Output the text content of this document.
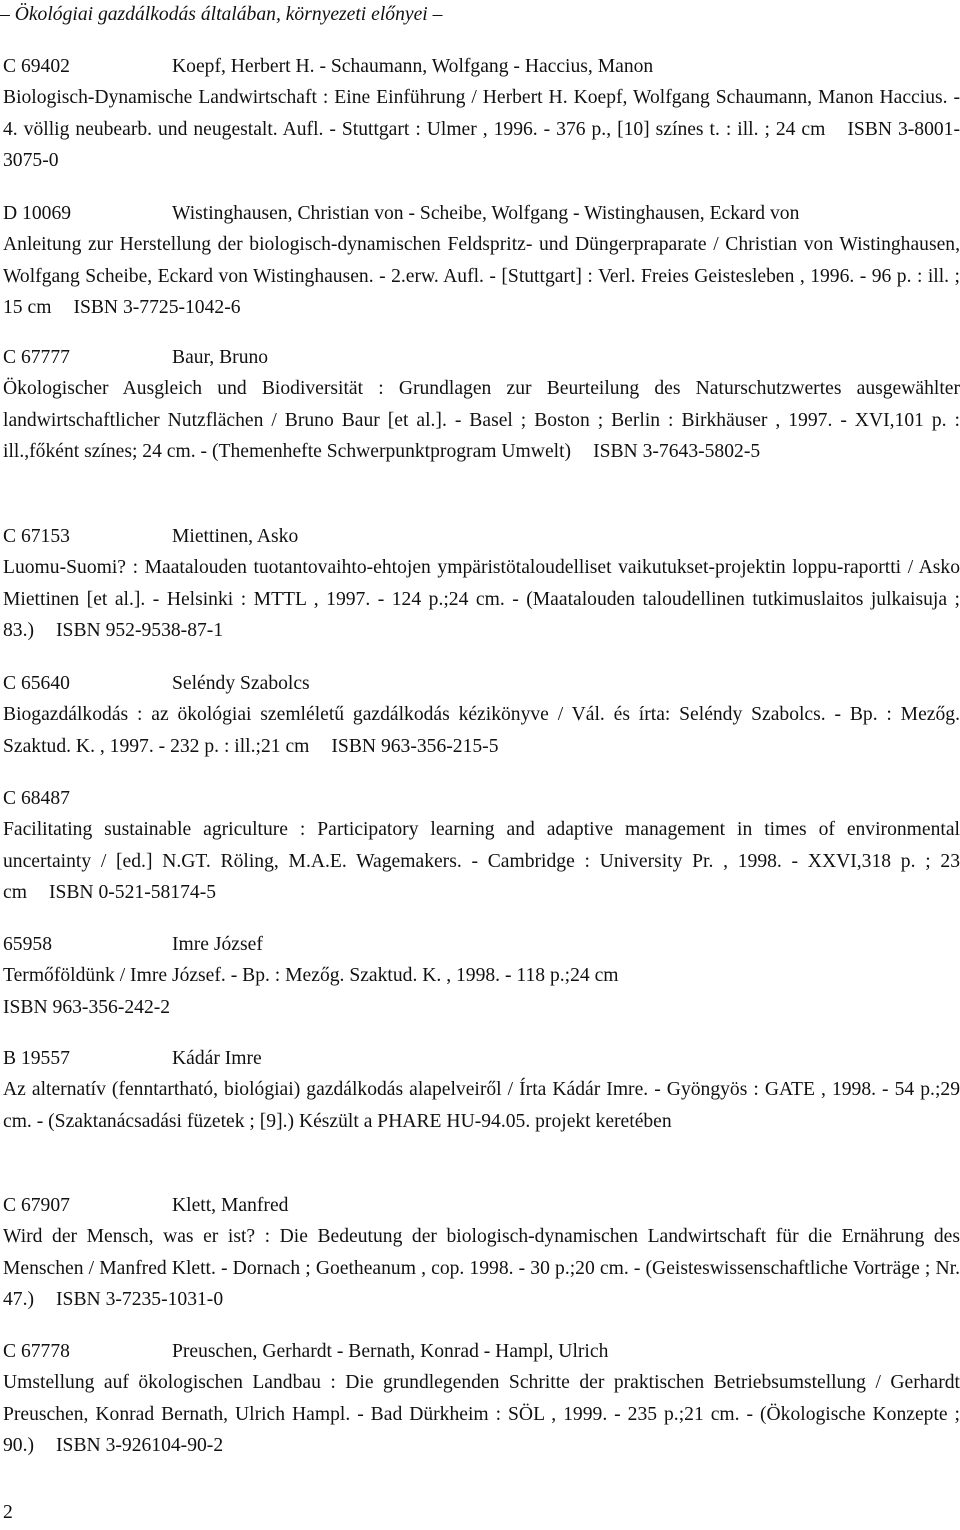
– Ökológiai gazdálkodás általában, környezeti előnyei –
C 69402	Koepf, Herbert H. - Schaumann, Wolfgang - Haccius, Manon
Biologisch-Dynamische Landwirtschaft : Eine Einführung / Herbert H. Koepf, Wolfgang Schaumann, Manon Haccius. - 4. völlig neubearb. und neugestalt. Aufl. - Stuttgart : Ulmer , 1996. - 376 p., [10] színes t. : ill. ; 24 cm ISBN 3-8001-3075-0
D 10069	Wistinghausen, Christian von - Scheibe, Wolfgang - Wistinghausen, Eckard von
Anleitung zur Herstellung der biologisch-dynamischen Feldspritz- und Düngerpraparate / Christian von Wistinghausen, Wolfgang Scheibe, Eckard von Wistinghausen. - 2.erw. Aufl. - [Stuttgart] : Verl. Freies Geistesleben , 1996. - 96 p. : ill. ; 15 cm ISBN 3-7725-1042-6
C 67777	Baur, Bruno
Ökologischer Ausgleich und Biodiversität : Grundlagen zur Beurteilung des Naturschutzwertes ausgewählter landwirtschaftlicher Nutzflächen / Bruno Baur [et al.]. - Basel ; Boston ; Berlin : Birkhäuser , 1997. - XVI,101 p. : ill.,főként színes; 24 cm. - (Themenhefte Schwerpunktprogram Umwelt) ISBN 3-7643-5802-5
C 67153	Miettinen, Asko
Luomu-Suomi? : Maatalouden tuotantovaihto-ehtojen ympäristötaloudelliset vaikutukset-projektin loppu-raportti / Asko Miettinen [et al.]. - Helsinki : MTTL , 1997. - 124 p.;24 cm. - (Maatalouden taloudellinen tutkimuslaitos julkaisuja ; 83.) ISBN 952-9538-87-1
C 65640	Seléndy Szabolcs
Biogazdálkodás : az ökológiai szemléletű gazdálkodás kézikönyve / Vál. és írta: Seléndy Szabolcs. - Bp. : Mezőg. Szaktud. K. , 1997. - 232 p. : ill.;21 cm ISBN 963-356-215-5
C 68487
Facilitating sustainable agriculture : Participatory learning and adaptive management in times of environmental uncertainty / [ed.] N.GT. Röling, M.A.E. Wagemakers. - Cambridge : University Pr. , 1998. - XXVI,318 p. ; 23 cm ISBN 0-521-58174-5
65958	Imre József
Termőföldünk / Imre József. - Bp. : Mezőg. Szaktud. K. , 1998. - 118 p.;24 cm
ISBN 963-356-242-2
B 19557	Kádár Imre
Az alternatív (fenntartható, biológiai) gazdálkodás alapelveiről / Írta Kádár Imre. - Gyöngyös : GATE , 1998. - 54 p.;29 cm. - (Szaktanácsadási füzetek ; [9].) Készült a PHARE HU-94.05. projekt keretében
C 67907	Klett, Manfred
Wird der Mensch, was er ist? : Die Bedeutung der biologisch-dynamischen Landwirtschaft für die Ernährung des Menschen / Manfred Klett. - Dornach ; Goetheanum , cop. 1998. - 30 p.;20 cm. - (Geisteswissenschaftliche Vorträge ; Nr. 47.) ISBN 3-7235-1031-0
C 67778	Preuschen, Gerhardt - Bernath, Konrad - Hampl, Ulrich
Umstellung auf ökologischen Landbau : Die grundlegenden Schritte der praktischen Betriebsumstellung / Gerhardt Preuschen, Konrad Bernath, Ulrich Hampl. - Bad Dürkheim : SÖL , 1999. - 235 p.;21 cm. - (Ökologische Konzepte ; 90.) ISBN 3-926104-90-2
2
